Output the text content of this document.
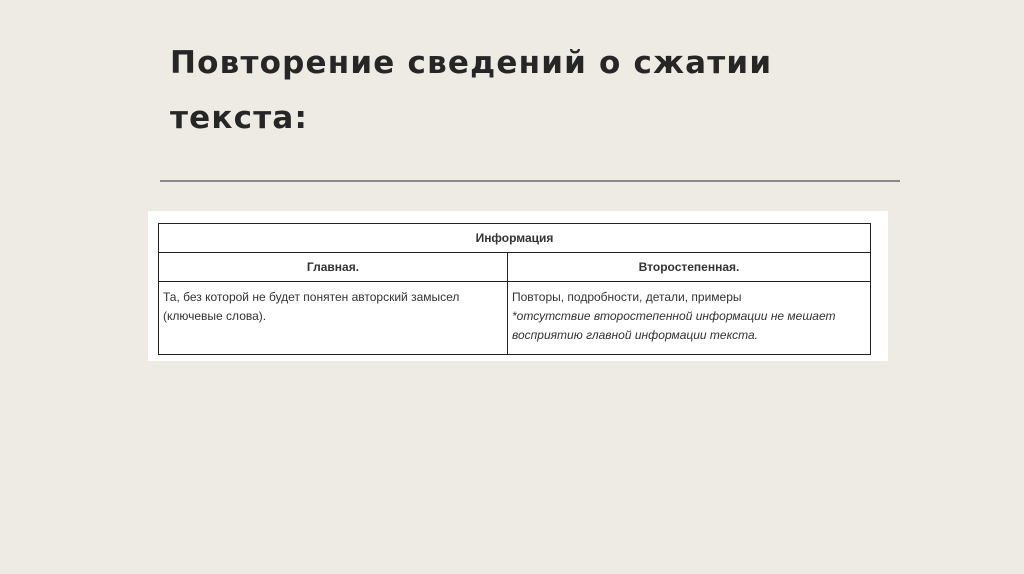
Повторение сведений о сжатии
текста:
Информация	
Главная.	Второстепенная.
Та, без которой не будет понятен авторский замысел (ключевые слова).	Повторы, подробности, детали, примеры
*отсутствие второстепенной информации не мешает восприятию главной информации текста.
